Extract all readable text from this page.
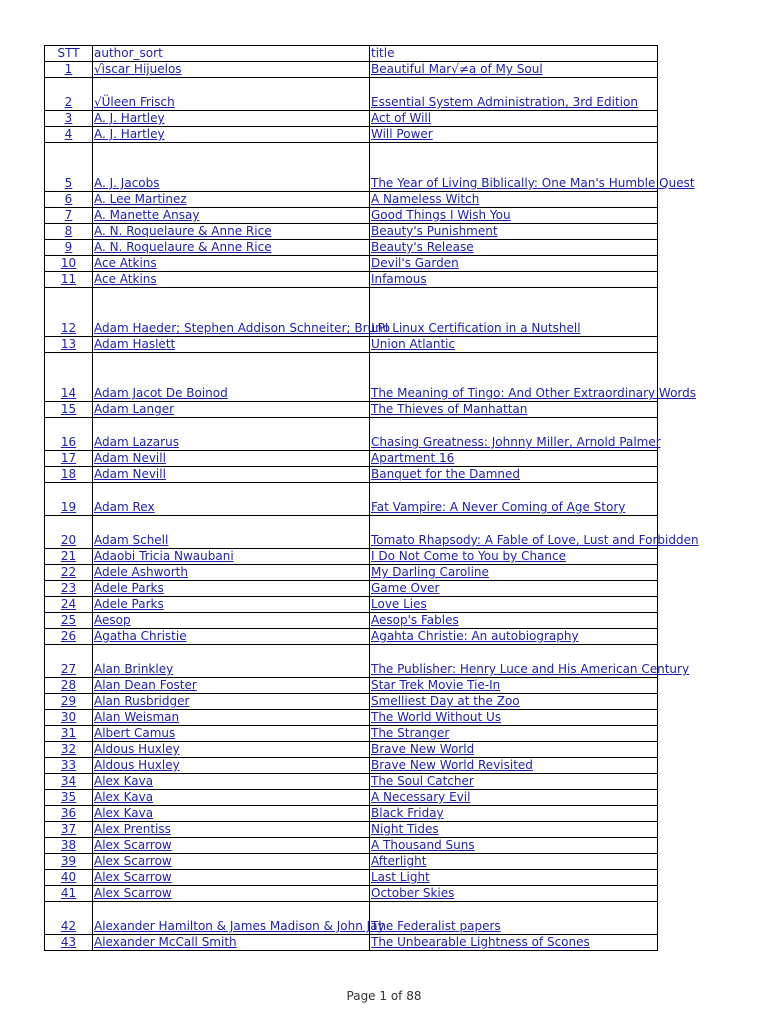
STT	author_sort	title
1	√ìscar Hijuelos	Beautiful Mar√≠a of My Soul
2	√Üleen Frisch	Essential System Administration, 3rd Edition
3	A. J. Hartley	Act of Will
4	A. J. Hartley	Will Power
5	A. J. Jacobs	The Year of Living Biblically: One Man's Humble Quest
6	A. Lee Martinez	A Nameless Witch
7	A. Manette Ansay	Good Things I Wish You
8	A. N. Roquelaure & Anne Rice	Beauty's Punishment
9	A. N. Roquelaure & Anne Rice	Beauty's Release
10	Ace Atkins	Devil's Garden
11	Ace Atkins	Infamous
12	Adam Haeder; Stephen Addison Schneiter; Bruno	LPI Linux Certification in a Nutshell
13	Adam Haslett	Union Atlantic
14	Adam Jacot De Boinod	The Meaning of Tingo: And Other Extraordinary Words
15	Adam Langer	The Thieves of Manhattan
16	Adam Lazarus	Chasing Greatness: Johnny Miller, Arnold Palmer
17	Adam Nevill	Apartment 16
18	Adam Nevill	Banquet for the Damned
19	Adam Rex	Fat Vampire: A Never Coming of Age Story
20	Adam Schell	Tomato Rhapsody: A Fable of Love, Lust and Forbidden
21	Adaobi Tricia Nwaubani	I Do Not Come to You by Chance
22	Adele Ashworth	My Darling Caroline
23	Adele Parks	Game Over
24	Adele Parks	Love Lies
25	Aesop	Aesop's Fables
26	Agatha Christie	Agahta Christie: An autobiography
27	Alan Brinkley	The Publisher: Henry Luce and His American Century
28	Alan Dean Foster	Star Trek Movie Tie-In
29	Alan Rusbridger	Smelliest Day at the Zoo
30	Alan Weisman	The World Without Us
31	Albert Camus	The Stranger
32	Aldous Huxley	Brave New World
33	Aldous Huxley	Brave New World Revisited
34	Alex Kava	The Soul Catcher
35	Alex Kava	A Necessary Evil
36	Alex Kava	Black Friday
37	Alex Prentiss	Night Tides
38	Alex Scarrow	A Thousand Suns
39	Alex Scarrow	Afterlight
40	Alex Scarrow	Last Light
41	Alex Scarrow	October Skies
42	Alexander Hamilton & James Madison & John Jay	The Federalist papers
43	Alexander McCall Smith	The Unbearable Lightness of Scones
Page 1 of 88
